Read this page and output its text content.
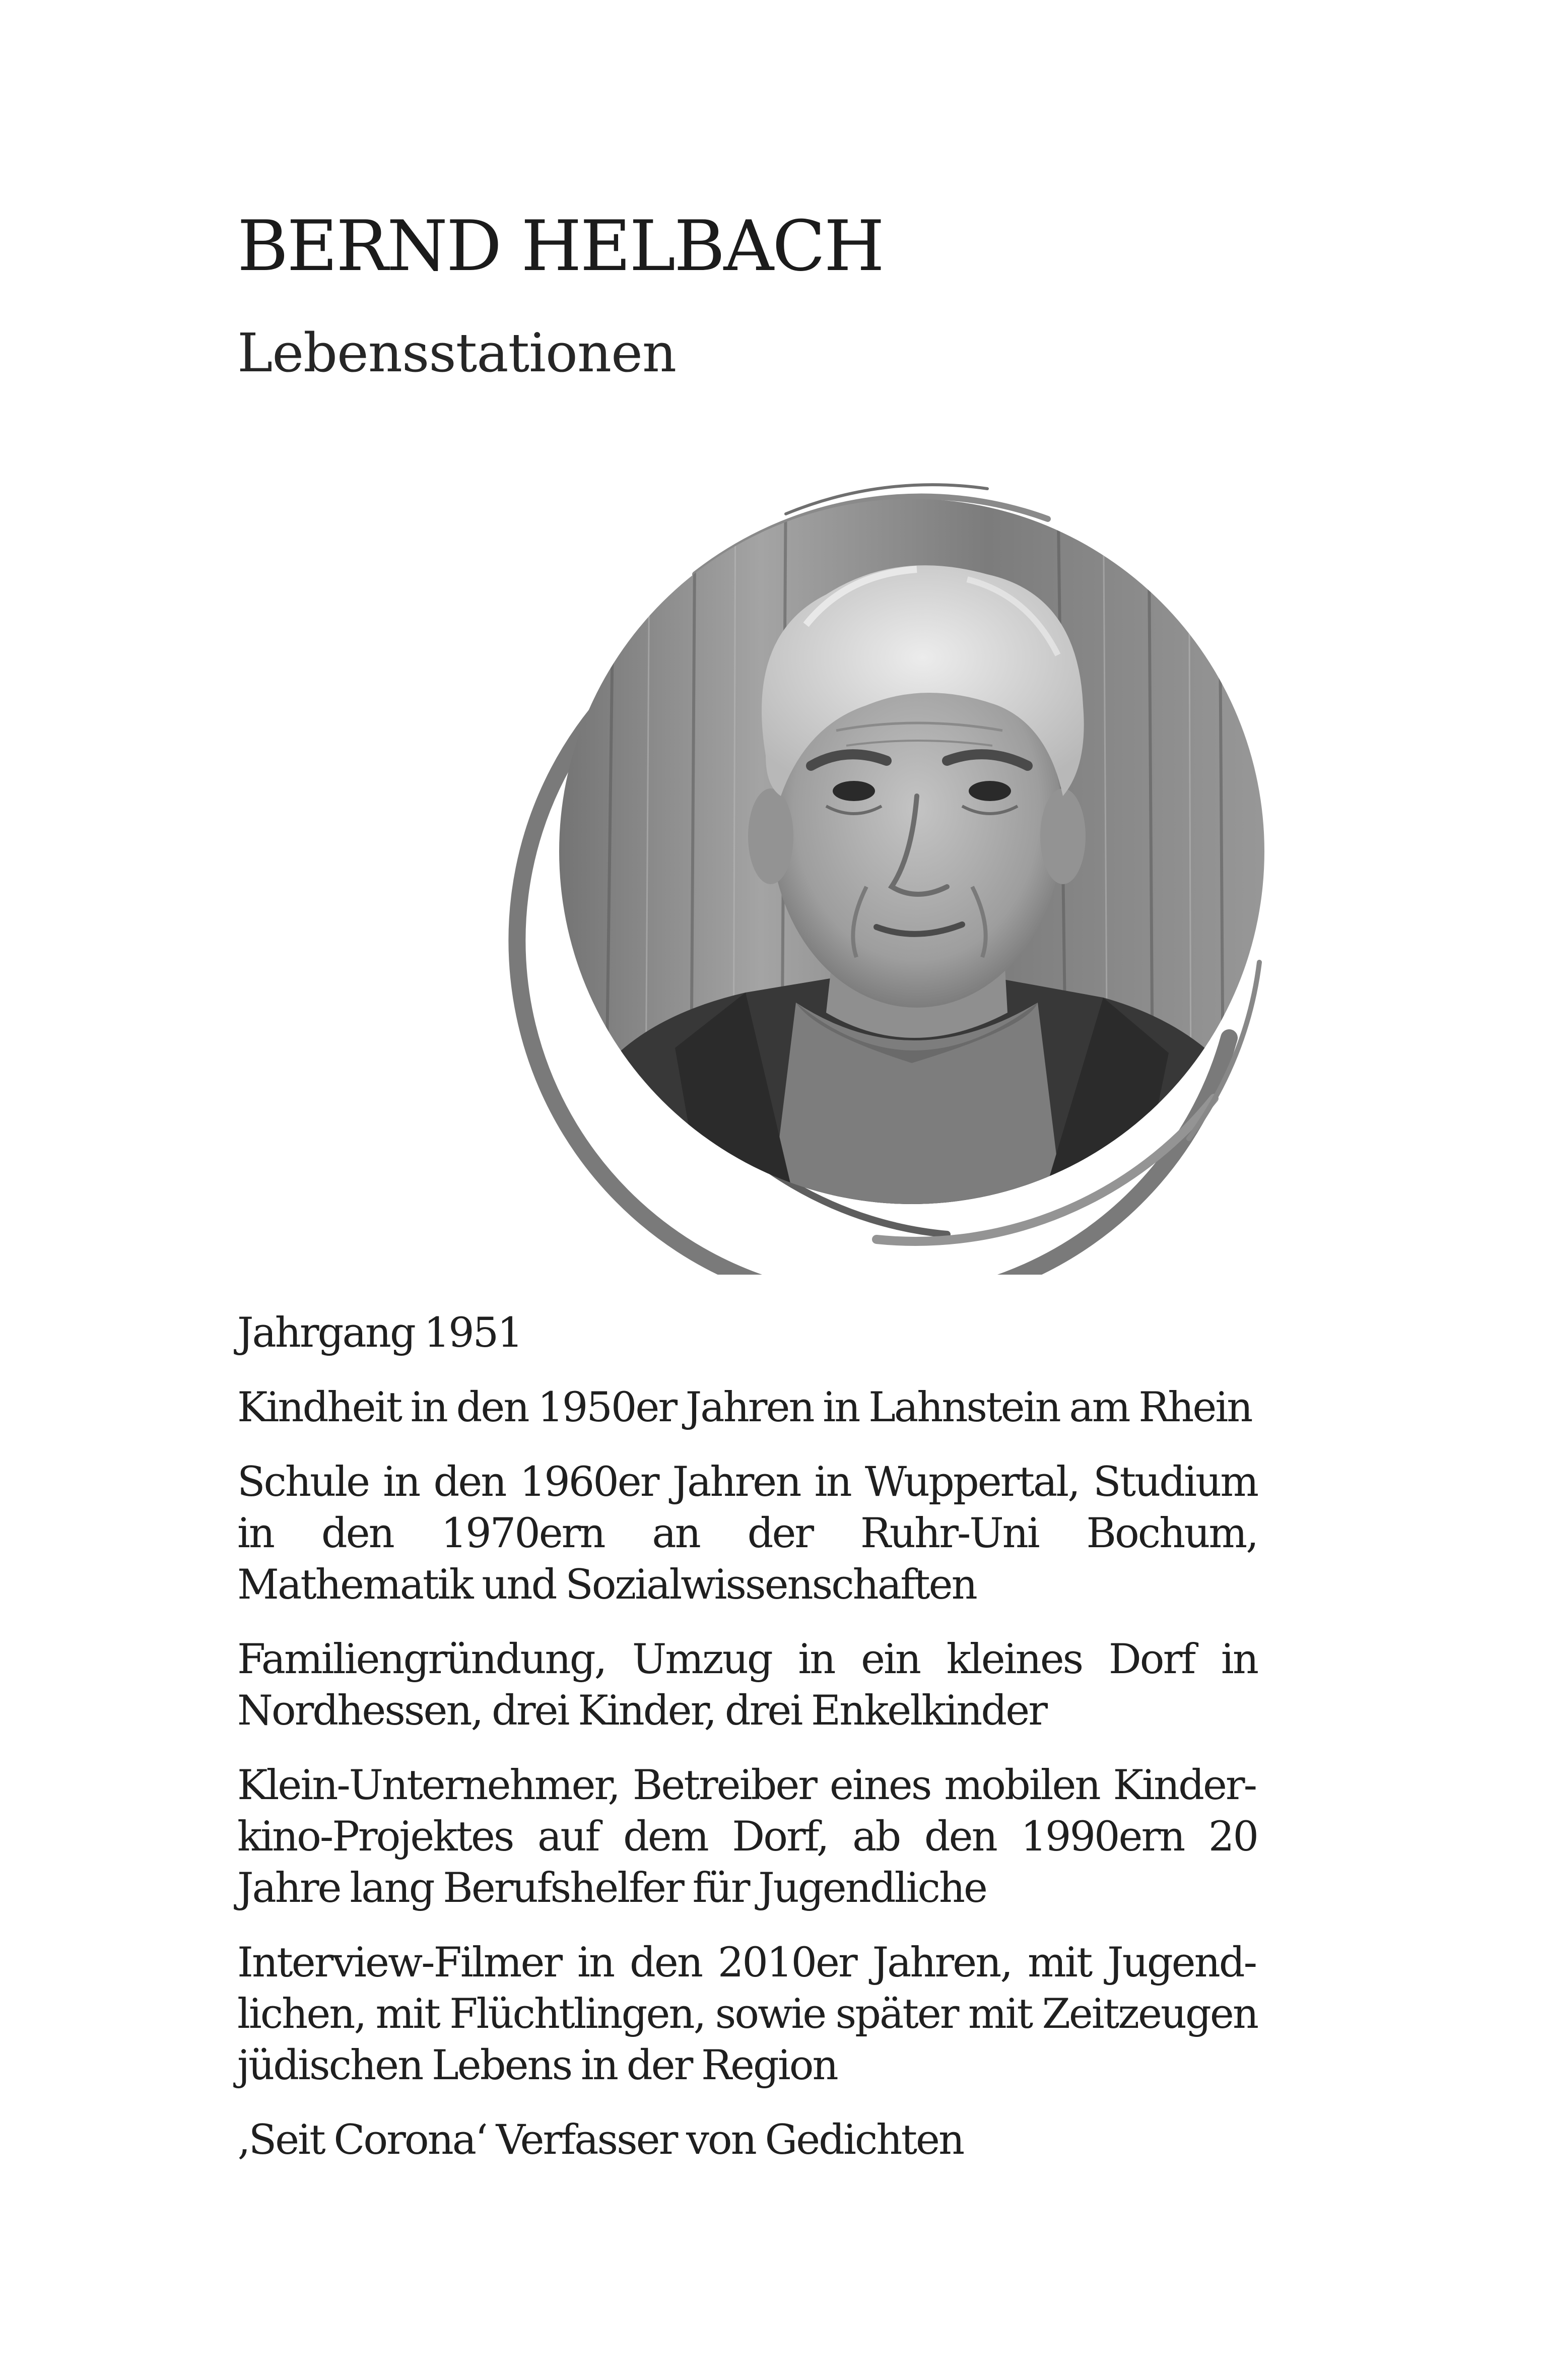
BERND HELBACH
Lebensstationen
Jahrgang 1951
Kindheit in den 1950er Jahren in Lahnstein am Rhein
Schule in den 1960er Jahren in Wuppertal, Studium in den 1970ern an der Ruhr-Uni Bochum, Mathematik und Sozialwissenschaften
Familiengründung, Umzug in ein kleines Dorf in Nordhessen, drei Kinder, drei Enkelkinder
Klein-Unternehmer, Betreiber eines mobilen Kinderkino-Projektes auf dem Dorf, ab den 1990ern 20 Jahre lang Berufshelfer für Jugendliche
Interview-Filmer in den 2010er Jahren, mit Jugendlichen, mit Flüchtlingen, sowie später mit Zeitzeugen jüdischen Lebens in der Region
‚Seit Corona‘ Verfasser von Gedichten
